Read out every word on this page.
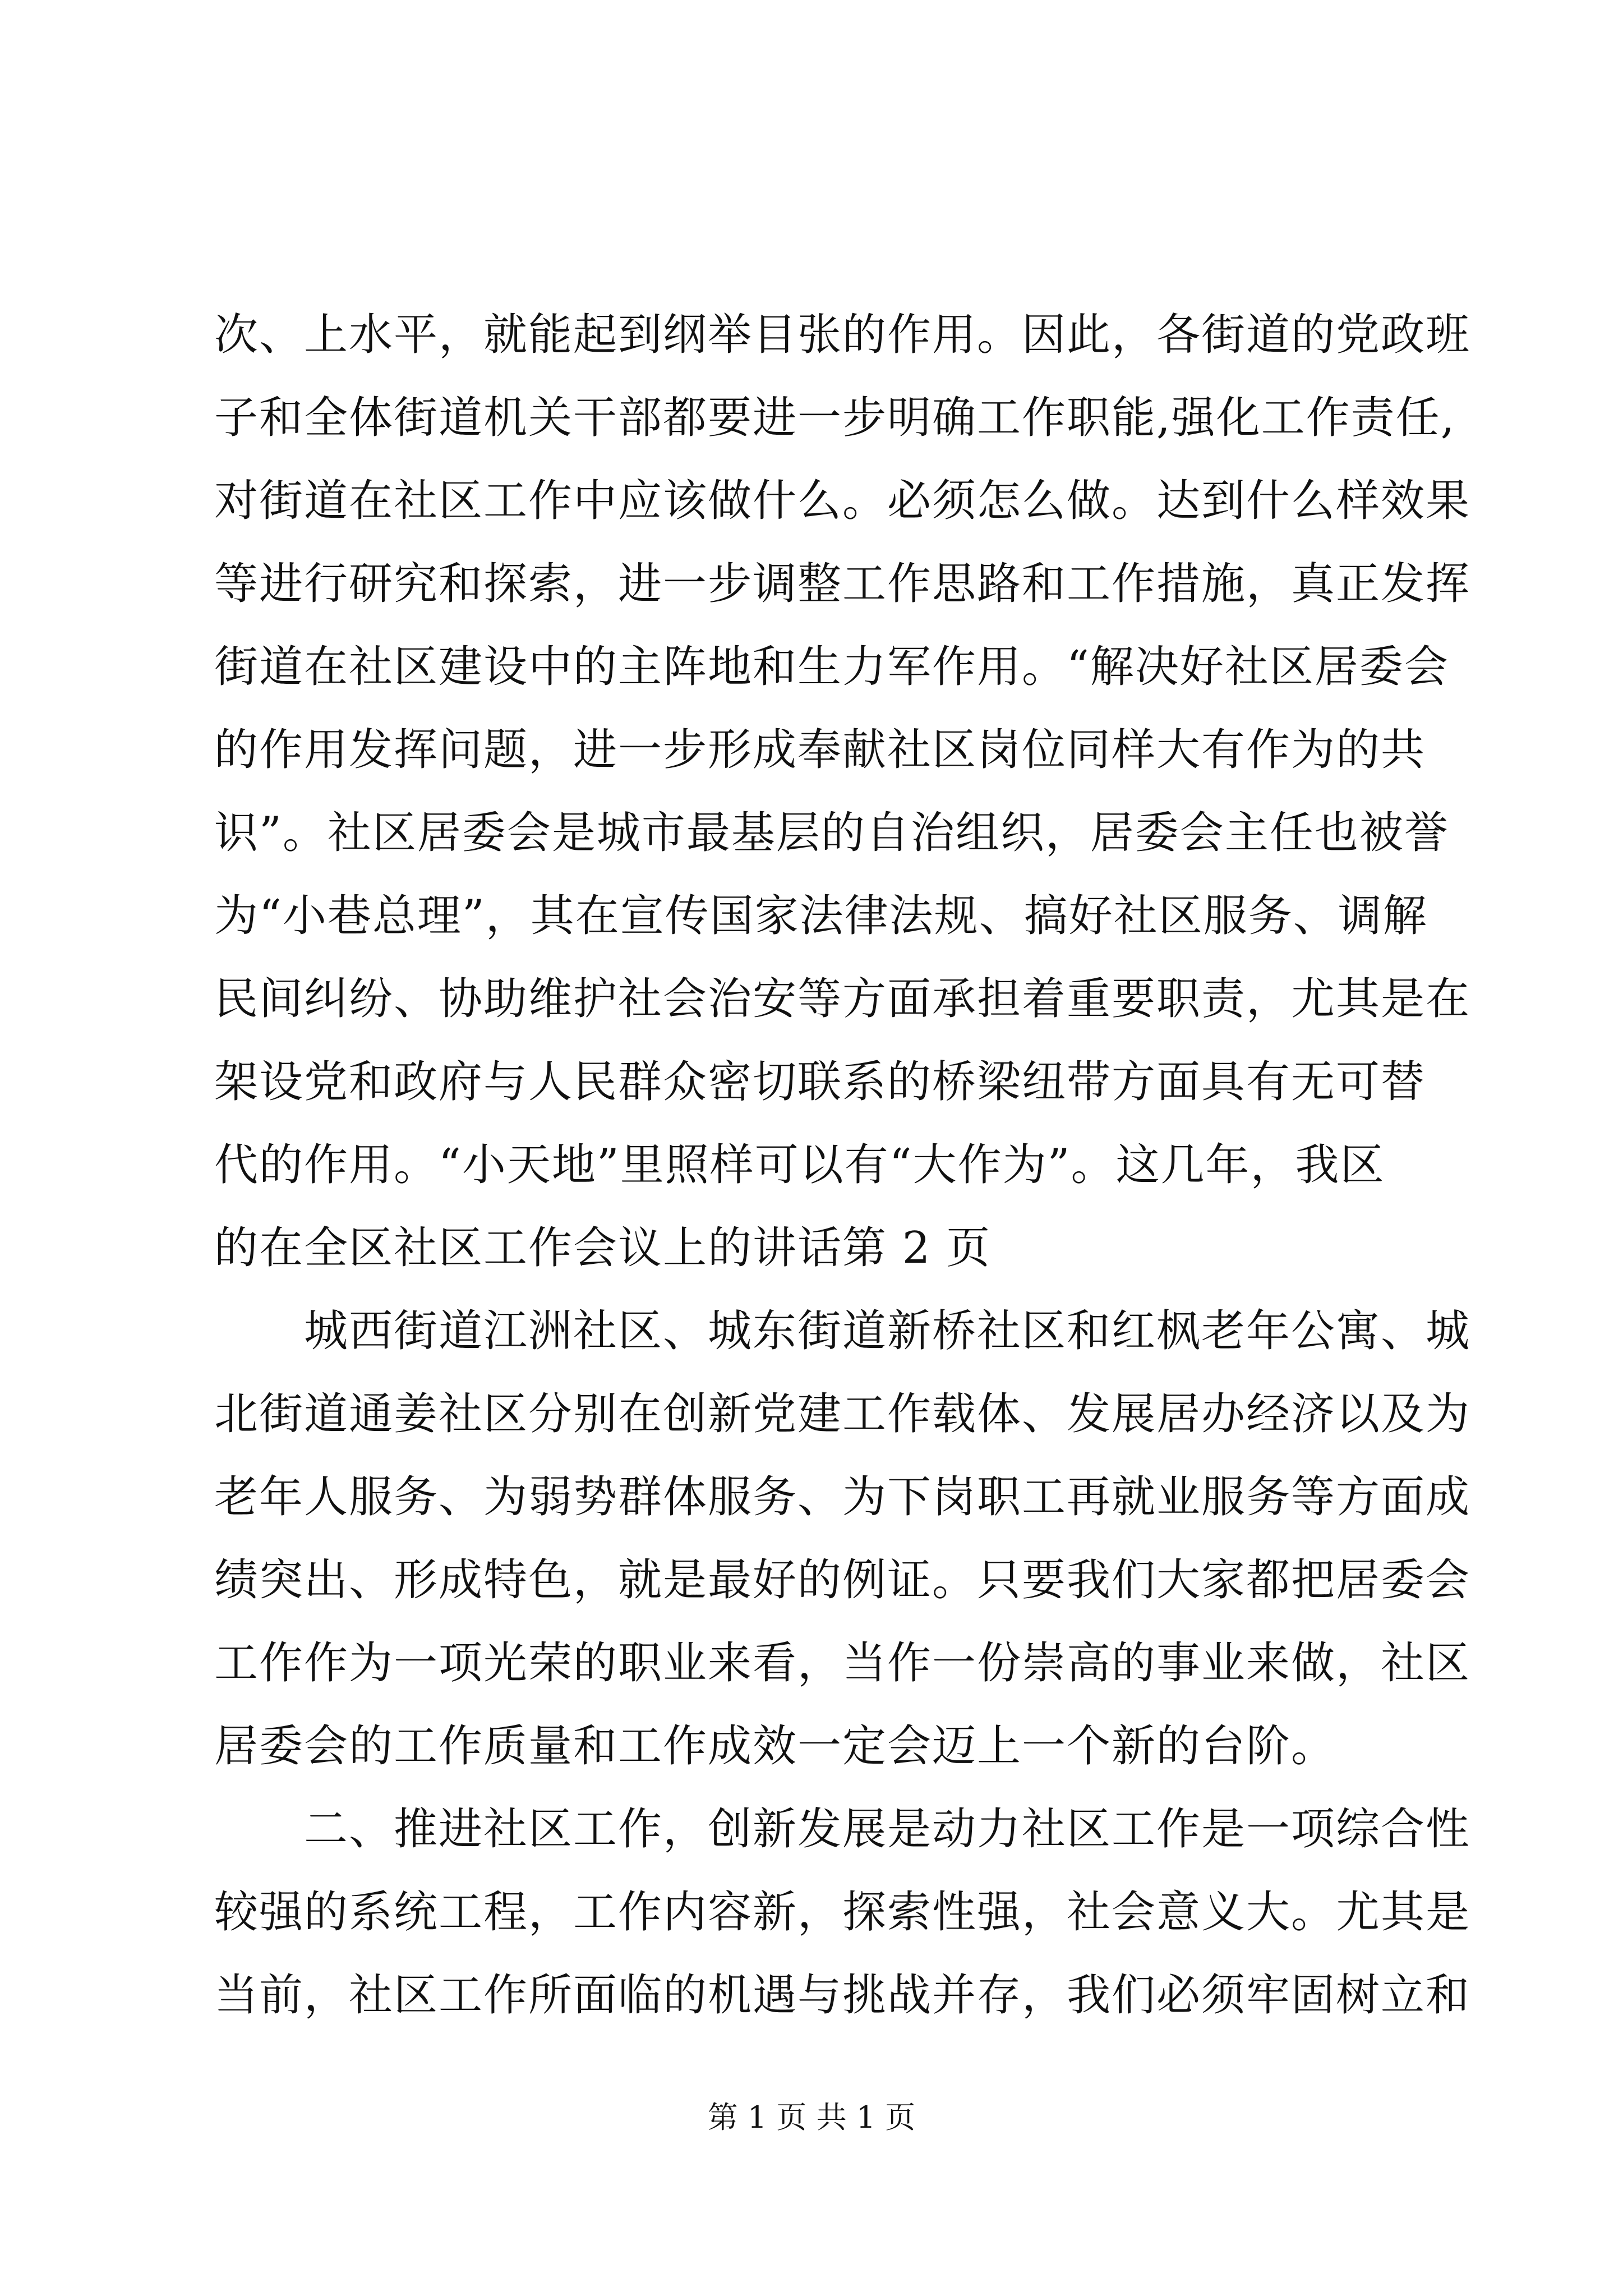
次、上水平，就能起到纲举目张的作用。因此，各街道的党政班
子和全体街道机关干部都要进一步明确工作职能,强化工作责任,
对街道在社区工作中应该做什么。必须怎么做。达到什么样效果
等进行研究和探索，进一步调整工作思路和工作措施，真正发挥
街道在社区建设中的主阵地和生力军作用。“解决好社区居委会
的作用发挥问题，进一步形成奉献社区岗位同样大有作为的共
识”。社区居委会是城市最基层的自治组织，居委会主任也被誉
为“小巷总理”，其在宣传国家法律法规、搞好社区服务、调解
民间纠纷、协助维护社会治安等方面承担着重要职责，尤其是在
架设党和政府与人民群众密切联系的桥梁纽带方面具有无可替
代的作用。“小天地”里照样可以有“大作为”。这几年，我区
的在全区社区工作会议上的讲话第 2 页
　　城西街道江洲社区、城东街道新桥社区和红枫老年公寓、城
北街道通姜社区分别在创新党建工作载体、发展居办经济以及为
老年人服务、为弱势群体服务、为下岗职工再就业服务等方面成
绩突出、形成特色，就是最好的例证。只要我们大家都把居委会
工作作为一项光荣的职业来看，当作一份崇高的事业来做，社区
居委会的工作质量和工作成效一定会迈上一个新的台阶。
　　二、推进社区工作，创新发展是动力社区工作是一项综合性
较强的系统工程，工作内容新，探索性强，社会意义大。尤其是
当前，社区工作所面临的机遇与挑战并存，我们必须牢固树立和
第 1 页 共 1 页
